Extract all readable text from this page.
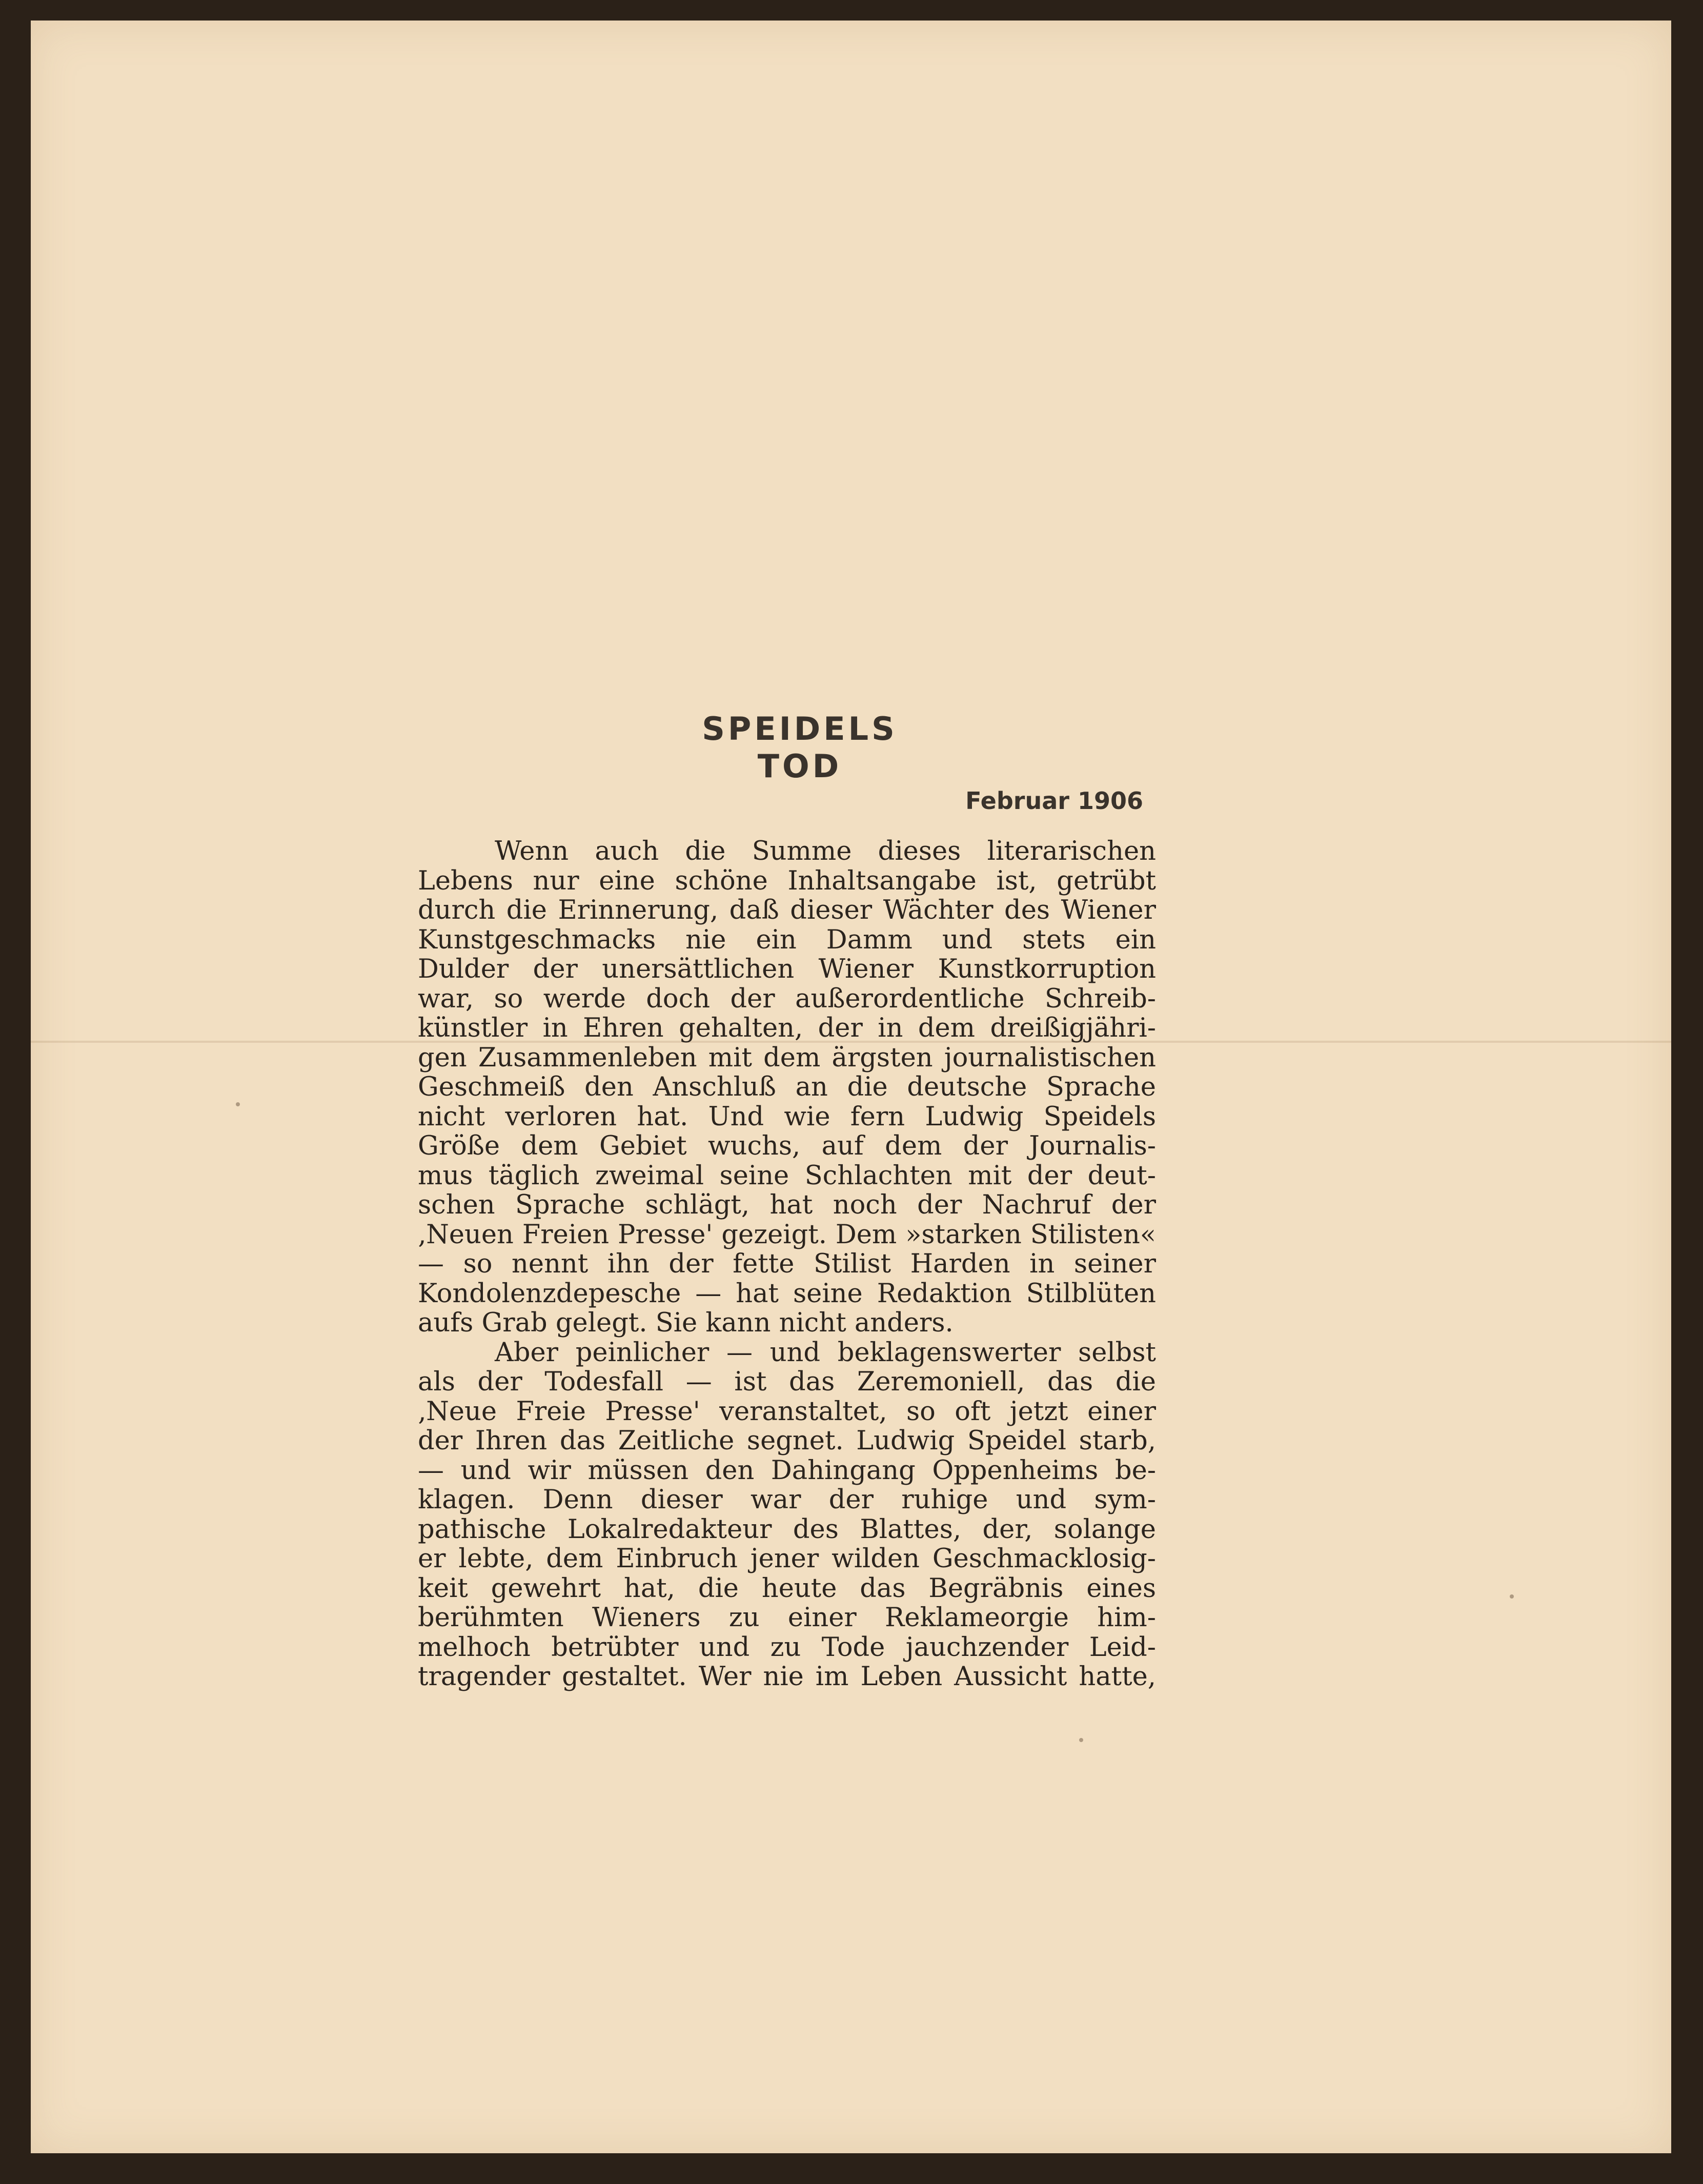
SPEIDELS TOD
Februar 1906
Wenn auch die Summe dieses literarischen
Lebens nur eine schöne Inhaltsangabe ist, getrübt
durch die Erinnerung, daß dieser Wächter des Wiener
Kunstgeschmacks nie ein Damm und stets ein
Dulder der unersättlichen Wiener Kunstkorruption
war, so werde doch der außerordentliche Schreib-
künstler in Ehren gehalten, der in dem dreißigjähri-
gen Zusammenleben mit dem ärgsten journalistischen
Geschmeiß den Anschluß an die deutsche Sprache
nicht verloren hat. Und wie fern Ludwig Speidels
Größe dem Gebiet wuchs, auf dem der Journalis-
mus täglich zweimal seine Schlachten mit der deut-
schen Sprache schlägt, hat noch der Nachruf der
‚Neuen Freien Presse' gezeigt. Dem »starken Stilisten«
— so nennt ihn der fette Stilist Harden in seiner
Kondolenzdepesche — hat seine Redaktion Stilblüten
aufs Grab gelegt. Sie kann nicht anders.
Aber peinlicher — und beklagenswerter selbst
als der Todesfall — ist das Zeremoniell, das die
‚Neue Freie Presse' veranstaltet, so oft jetzt einer
der Ihren das Zeitliche segnet. Ludwig Speidel starb,
— und wir müssen den Dahingang Oppenheims be-
klagen. Denn dieser war der ruhige und sym-
pathische Lokalredakteur des Blattes, der, solange
er lebte, dem Einbruch jener wilden Geschmacklosig-
keit gewehrt hat, die heute das Begräbnis eines
berühmten Wieners zu einer Reklameorgie him-
melhoch betrübter und zu Tode jauchzender Leid-
tragender gestaltet. Wer nie im Leben Aussicht hatte,
